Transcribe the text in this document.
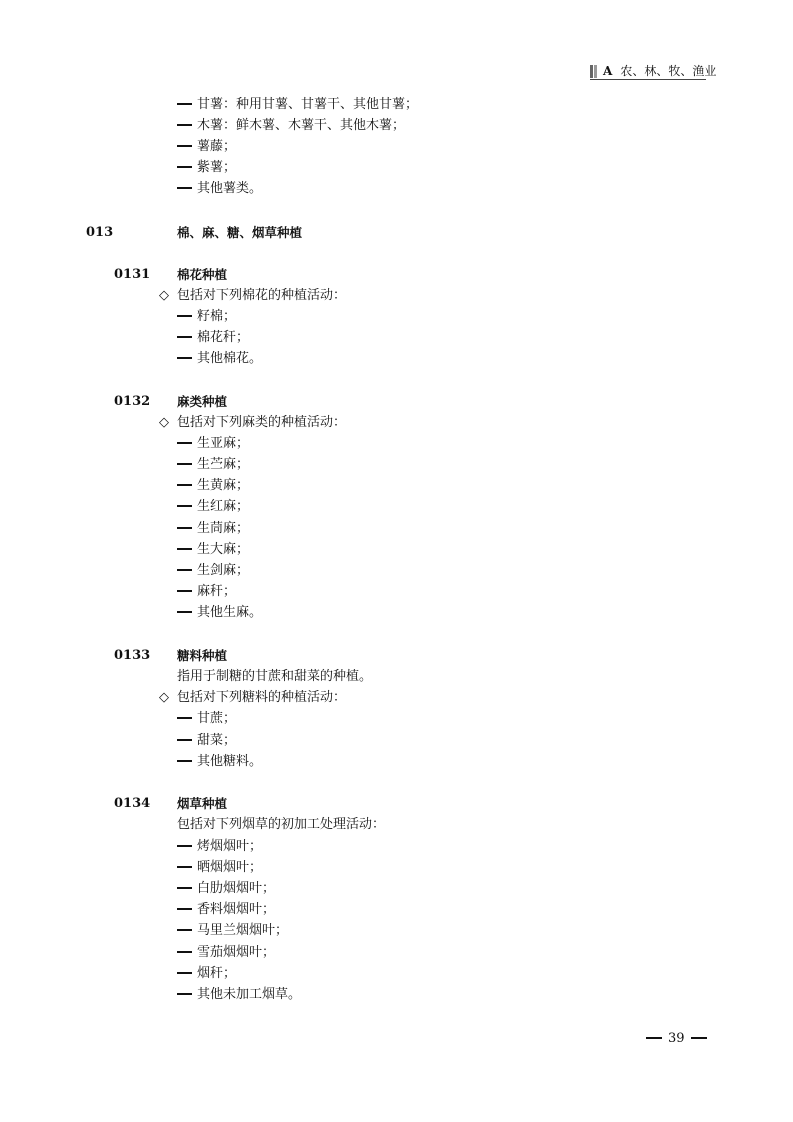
A 农、林、牧、渔业
甘薯：种用甘薯、甘薯干、其他甘薯；
木薯：鲜木薯、木薯干、其他木薯；
薯藤；
紫薯；
其他薯类。
013	棉、麻、糖、烟草种植
0131 棉花种植
◇ 包括对下列棉花的种植活动：
籽棉；
棉花秆；
其他棉花。
0132 麻类种植
◇ 包括对下列麻类的种植活动：
生亚麻；
生苎麻；
生黄麻；
生红麻；
生茼麻；
生大麻；
生剑麻；
麻秆；
其他生麻。
0133 糖料种植
指用于制糖的甘蔗和甜菜的种植。
◇ 包括对下列糖料的种植活动：
甘蔗；
甜菜；
其他糖料。
0134 烟草种植
包括对下列烟草的初加工处理活动：
烤烟烟叶；
晒烟烟叶；
白肋烟烟叶；
香料烟烟叶；
马里兰烟烟叶；
雪茄烟烟叶；
烟秆；
其他未加工烟草。
39
